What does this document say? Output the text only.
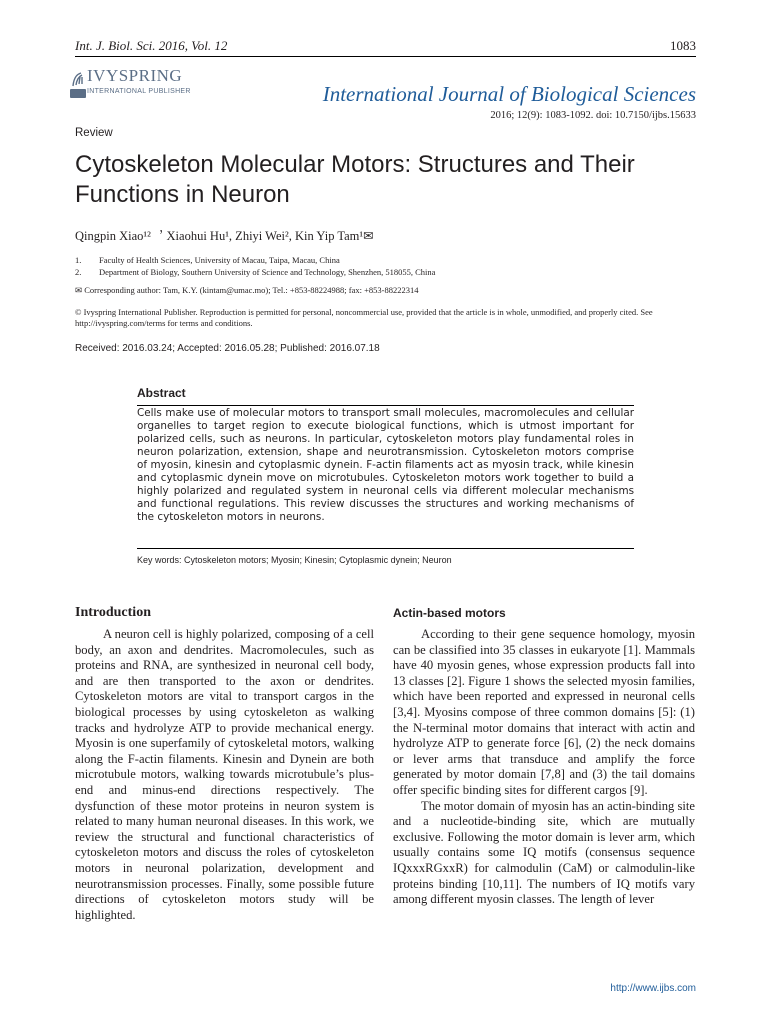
Int. J. Biol. Sci. 2016, Vol. 12	1083
IVYSPRING
INTERNATIONAL PUBLISHER	International Journal of Biological Sciences
2016; 12(9): 1083-1092. doi: 10.7150/ijbs.15633
Review
Cytoskeleton Molecular Motors: Structures and Their Functions in Neuron
Qingpin Xiao¹²︐ Xiaohui Hu¹, Zhiyi Wei², Kin Yip Tam¹✉
1. Faculty of Health Sciences, University of Macau, Taipa, Macau, China
2. Department of Biology, Southern University of Science and Technology, Shenzhen, 518055, China
✉ Corresponding author: Tam, K.Y. (kintam@umac.mo); Tel.: +853-88224988; fax: +853-88222314
© Ivyspring International Publisher. Reproduction is permitted for personal, noncommercial use, provided that the article is in whole, unmodified, and properly cited. See http://ivyspring.com/terms for terms and conditions.
Received: 2016.03.24; Accepted: 2016.05.28; Published: 2016.07.18
Abstract
Cells make use of molecular motors to transport small molecules, macromolecules and cellular organelles to target region to execute biological functions, which is utmost important for polarized cells, such as neurons. In particular, cytoskeleton motors play fundamental roles in neuron polarization, extension, shape and neurotransmission. Cytoskeleton motors comprise of myosin, kinesin and cytoplasmic dynein. F-actin filaments act as myosin track, while kinesin and cytoplasmic dynein move on microtubules. Cytoskeleton motors work together to build a highly polarized and regulated system in neuronal cells via different molecular mechanisms and functional regulations. This review discusses the structures and working mechanisms of the cytoskeleton motors in neurons.
Key words: Cytoskeleton motors; Myosin; Kinesin; Cytoplasmic dynein; Neuron
Introduction	Actin-based motors

A neuron cell is highly polarized, composing of a cell body, an axon and dendrites. Macromolecules, such as proteins and RNA, are synthesized in neuronal cell body, and are then transported to the axon or dendrites. Cytoskeleton motors are vital to transport cargos in the biological processes by using cytoskeleton as walking tracks and hydrolyze ATP to provide mechanical energy. Myosin is one superfamily of cytoskeletal motors, walking along the F-actin filaments. Kinesin and Dynein are both microtubule motors, walking towards microtubule’s plus-end and minus-end directions respectively. The dysfunction of these motor proteins in neuron system is related to many human neuronal diseases. In this work, we review the structural and functional characteristics of cytoskeleton motors and discuss the roles of cytoskeleton motors in neuronal polarization, development and neurotransmission processes. Finally, some possible future directions of cytoskeleton motors study will be highlighted.

According to their gene sequence homology, myosin can be classified into 35 classes in eukaryote [1]. Mammals have 40 myosin genes, whose expression products fall into 13 classes [2]. Figure 1 shows the selected myosin families, which have been reported and expressed in neuronal cells [3,4]. Myosins compose of three common domains [5]: (1) the N-terminal motor domains that interact with actin and hydrolyze ATP to generate force [6], (2) the neck domains or lever arms that transduce and amplify the force generated by motor domain [7,8] and (3) the tail domains offer specific binding sites for different cargos [9].

The motor domain of myosin has an actin-binding site and a nucleotide-binding site, which are mutually exclusive. Following the motor domain is lever arm, which usually contains some IQ motifs (consensus sequence IQxxxRGxxR) for calmodulin (CaM) or calmodulin-like proteins binding [10,11]. The numbers of IQ motifs vary among different myosin classes. The length of lever

http://www.ijbs.com
